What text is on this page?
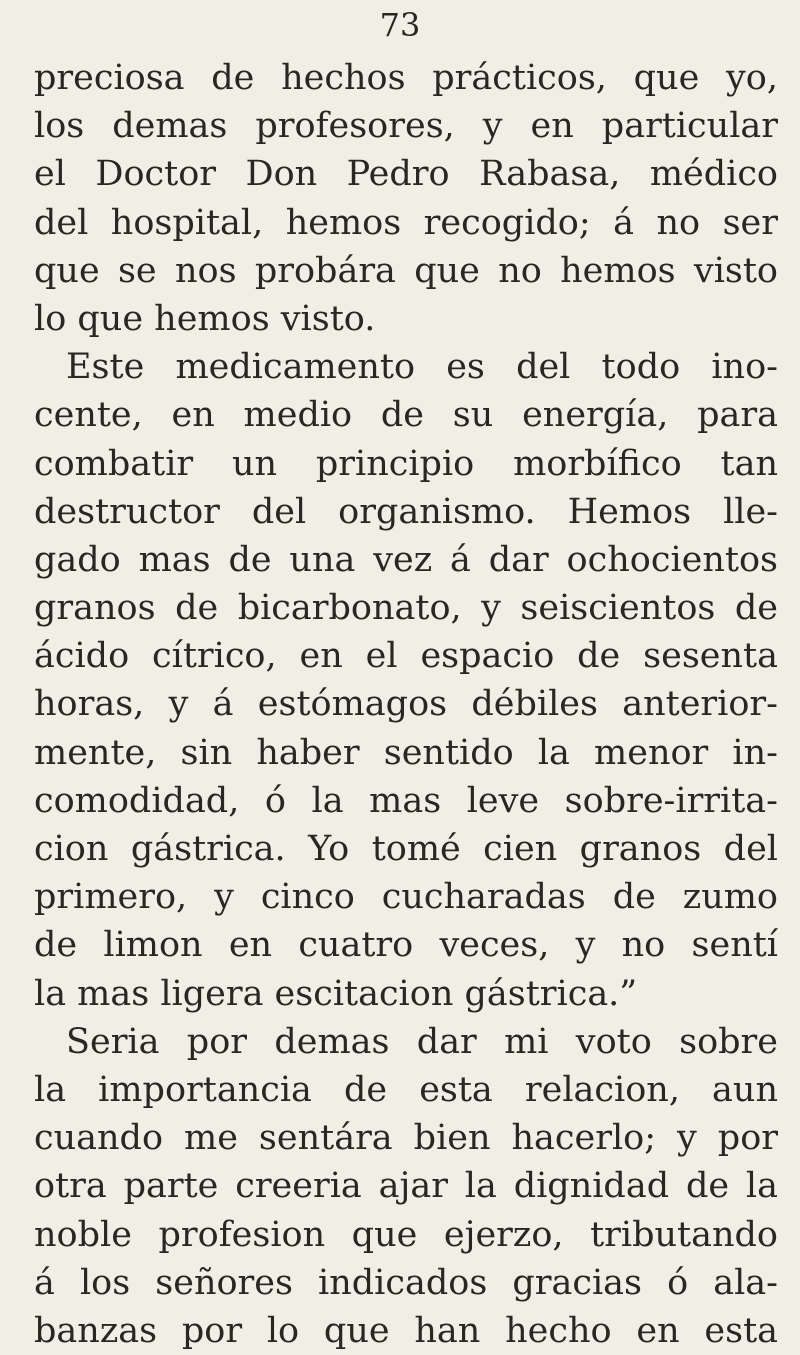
73
preciosa de hechos prácticos, que yo,
los demas profesores, y en particular
el Doctor Don Pedro Rabasa, médico
del hospital, hemos recogido; á no ser
que se nos probára que no hemos visto
lo que hemos visto.
Este medicamento es del todo ino-
cente, en medio de su energía, para
combatir un principio morbífico tan
destructor del organismo. Hemos lle-
gado mas de una vez á dar ochocientos
granos de bicarbonato, y seiscientos de
ácido cítrico, en el espacio de sesenta
horas, y á estómagos débiles anterior-
mente, sin haber sentido la menor in-
comodidad, ó la mas leve sobre-irrita-
cion gástrica. Yo tomé cien granos del
primero, y cinco cucharadas de zumo
de limon en cuatro veces, y no sentí
la mas ligera escitacion gástrica.”
Seria por demas dar mi voto sobre
la importancia de esta relacion, aun
cuando me sentára bien hacerlo; y por
otra parte creeria ajar la dignidad de la
noble profesion que ejerzo, tributando
á los señores indicados gracias ó ala-
banzas por lo que han hecho en esta
